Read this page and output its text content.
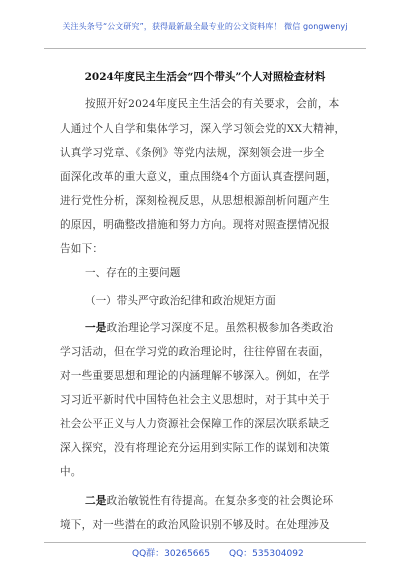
关注头条号“公文研究”，获得最新最全最专业的公文资料库！ 微信 gongwenyj
2024年度民主生活会“四个带头”个人对照检查材料
按照开好2024年度民主生活会的有关要求，会前，本
人通过个人自学和集体学习，深入学习领会党的XX大精神，
认真学习党章、《条例》等党内法规，深刻领会进一步全
面深化改革的重大意义，重点围绕4个方面认真查摆问题，
进行党性分析，深刻检视反思，从思想根源剖析问题产生
的原因，明确整改措施和努力方向。现将对照查摆情况报
告如下：
一、存在的主要问题
（一）带头严守政治纪律和政治规矩方面
一是政治理论学习深度不足。虽然积极参加各类政治
学习活动，但在学习党的政治理论时，往往停留在表面，
对一些重要思想和理论的内涵理解不够深入。例如，在学
习习近平新时代中国特色社会主义思想时，对于其中关于
社会公平正义与人力资源社会保障工作的深层次联系缺乏
深入探究，没有将理论充分运用到实际工作的谋划和决策
中。
二是政治敏锐性有待提高。在复杂多变的社会舆论环
境下，对一些潜在的政治风险识别不够及时。在处理涉及
QQ群：30265665 QQ：535304092
